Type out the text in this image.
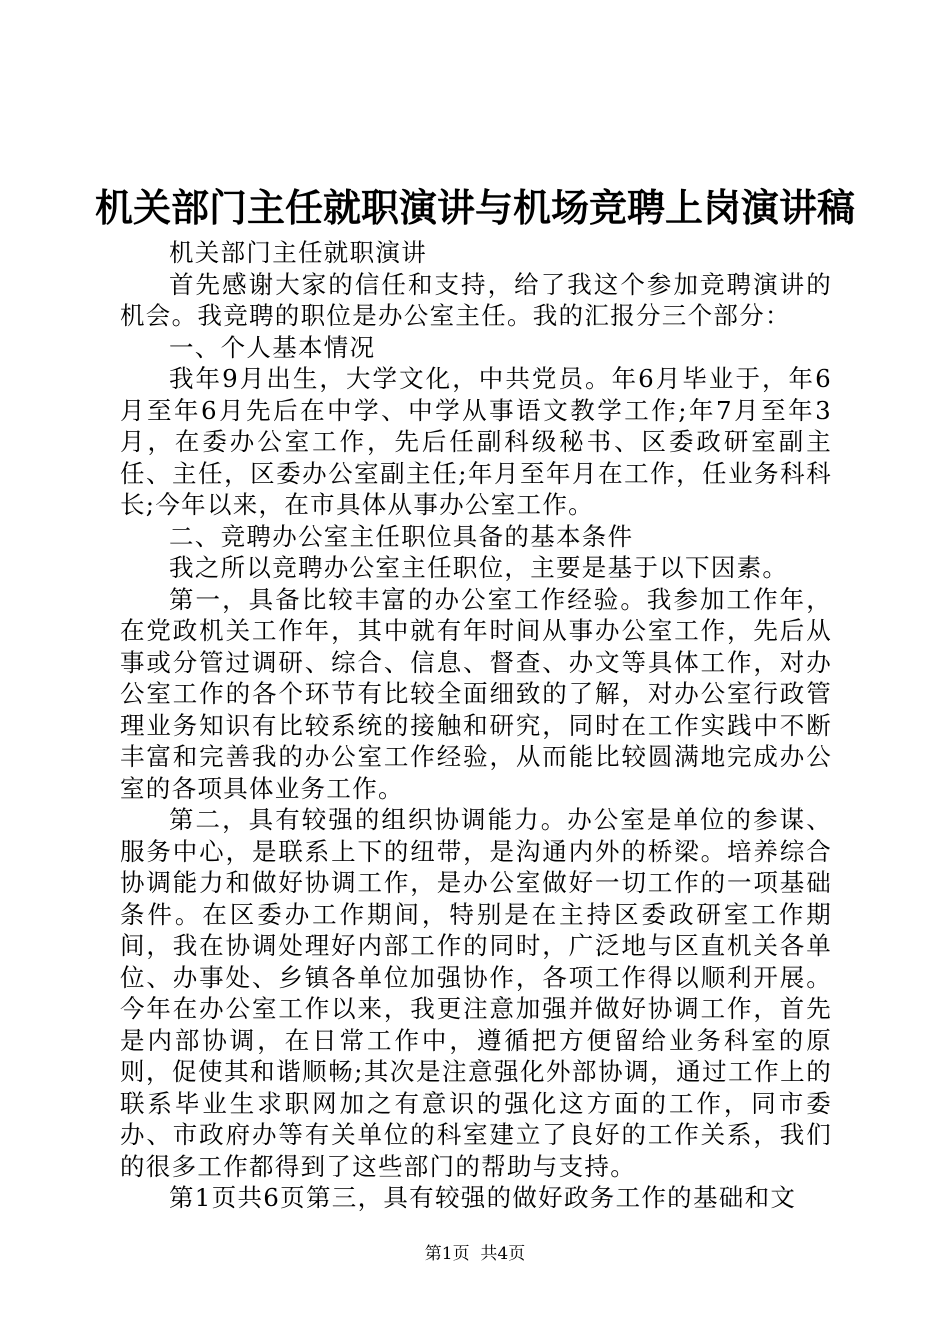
机关部门主任就职演讲与机场竞聘上岗演讲稿

机关部门主任就职演讲

首先感谢大家的信任和支持，给了我这个参加竞聘演讲的机会。我竞聘的职位是办公室主任。我的汇报分三个部分：

一、个人基本情况

我年9月出生，大学文化，中共党员。年6月毕业于，年6月至年6月先后在中学、中学从事语文教学工作;年7月至年3月，在委办公室工作，先后任副科级秘书、区委政研室副主任、主任，区委办公室副主任;年月至年月在工作，任业务科科长;今年以来，在市具体从事办公室工作。

二、竞聘办公室主任职位具备的基本条件

我之所以竞聘办公室主任职位，主要是基于以下因素。

第一，具备比较丰富的办公室工作经验。我参加工作年，在党政机关工作年，其中就有年时间从事办公室工作，先后从事或分管过调研、综合、信息、督查、办文等具体工作，对办公室工作的各个环节有比较全面细致的了解，对办公室行政管理业务知识有比较系统的接触和研究，同时在工作实践中不断丰富和完善我的办公室工作经验，从而能比较圆满地完成办公室的各项具体业务工作。

第二，具有较强的组织协调能力。办公室是单位的参谋、服务中心，是联系上下的纽带，是沟通内外的桥梁。培养综合协调能力和做好协调工作，是办公室做好一切工作的一项基础条件。在区委办工作期间，特别是在主持区委政研室工作期间，我在协调处理好内部工作的同时，广泛地与区直机关各单位、办事处、乡镇各单位加强协作，各项工作得以顺利开展。今年在办公室工作以来，我更注意加强并做好协调工作，首先是内部协调，在日常工作中，遵循把方便留给业务科室的原则，促使其和谐顺畅;其次是注意强化外部协调，通过工作上的联系毕业生求职网加之有意识的强化这方面的工作，同市委办、市政府办等有关单位的科室建立了良好的工作关系，我们的很多工作都得到了这些部门的帮助与支持。

第1页共6页第三，具有较强的做好政务工作的基础和文

第1页  共4页
